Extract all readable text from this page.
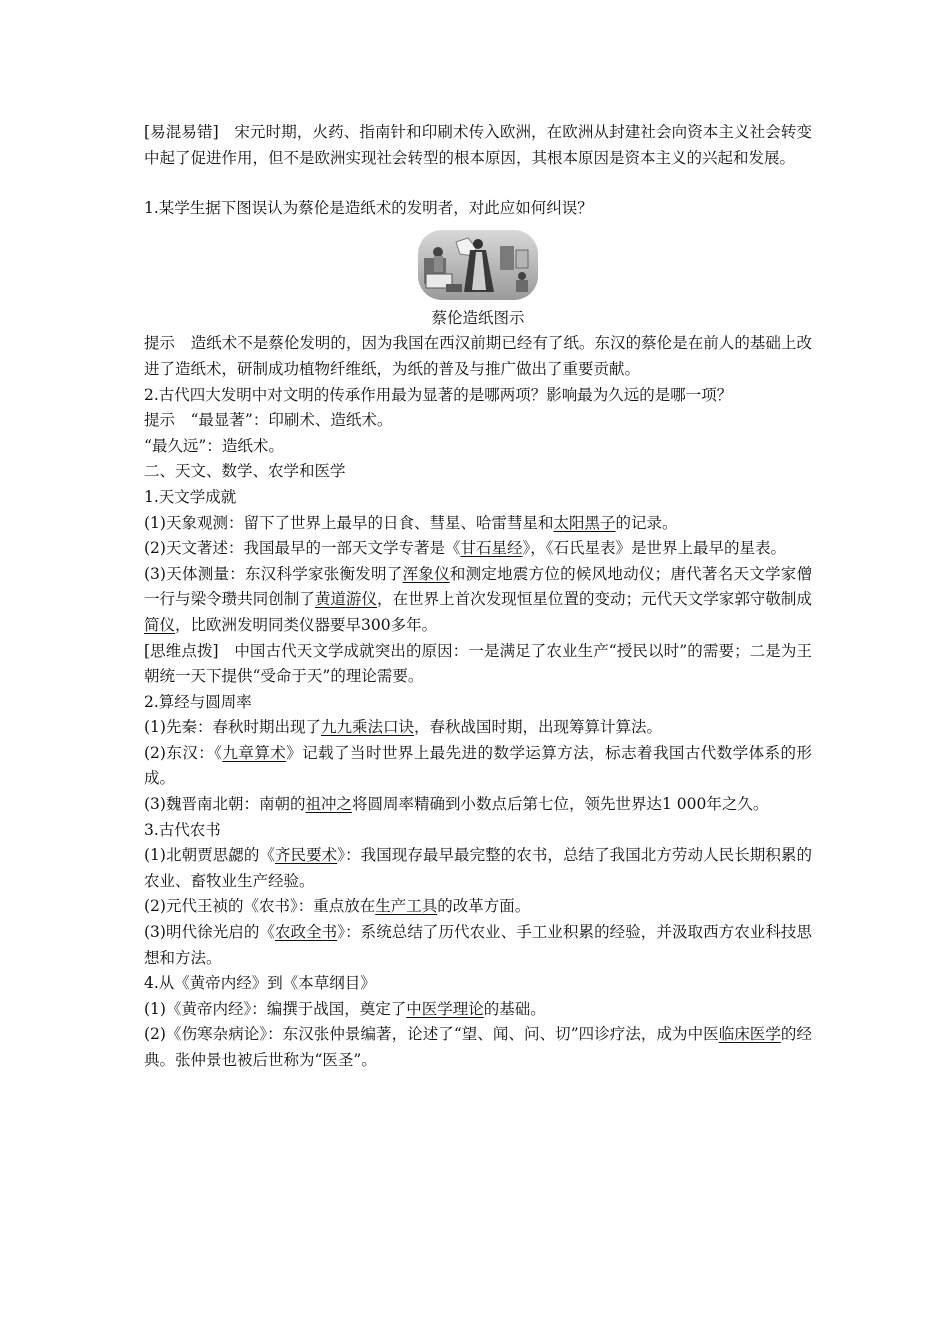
[易混易错]　宋元时期，火药、指南针和印刷术传入欧洲，在欧洲从封建社会向资本主义社会转变中起了促进作用，但不是欧洲实现社会转型的根本原因，其根本原因是资本主义的兴起和发展。

1.某学生据下图误认为蔡伦是造纸术的发明者，对此应如何纠误？

蔡伦造纸图示

提示　造纸术不是蔡伦发明的，因为我国在西汉前期已经有了纸。东汉的蔡伦是在前人的基础上改进了造纸术，研制成功植物纤维纸，为纸的普及与推广做出了重要贡献。

2.古代四大发明中对文明的传承作用最为显著的是哪两项？影响最为久远的是哪一项？

提示　“最显著”：印刷术、造纸术。

“最久远”：造纸术。

二、天文、数学、农学和医学

1.天文学成就

(1)天象观测：留下了世界上最早的日食、彗星、哈雷彗星和太阳黑子的记录。

(2)天文著述：我国最早的一部天文学专著是《甘石星经》，《石氏星表》是世界上最早的星表。

(3)天体测量：东汉科学家张衡发明了浑象仪和测定地震方位的候风地动仪；唐代著名天文学家僧一行与梁令瓒共同创制了黄道游仪，在世界上首次发现恒星位置的变动；元代天文学家郭守敬制成简仪，比欧洲发明同类仪器要早300多年。

[思维点拨]　中国古代天文学成就突出的原因：一是满足了农业生产“授民以时”的需要；二是为王朝统一天下提供“受命于天”的理论需要。

2.算经与圆周率

(1)先秦：春秋时期出现了九九乘法口诀，春秋战国时期，出现筹算计算法。

(2)东汉：《九章算术》记载了当时世界上最先进的数学运算方法，标志着我国古代数学体系的形成。

(3)魏晋南北朝：南朝的祖冲之将圆周率精确到小数点后第七位，领先世界达1 000年之久。

3.古代农书

(1)北朝贾思勰的《齐民要术》：我国现存最早最完整的农书，总结了我国北方劳动人民长期积累的农业、畜牧业生产经验。

(2)元代王祯的《农书》：重点放在生产工具的改革方面。

(3)明代徐光启的《农政全书》：系统总结了历代农业、手工业积累的经验，并汲取西方农业科技思想和方法。

4.从《黄帝内经》到《本草纲目》

(1)《黄帝内经》：编撰于战国，奠定了中医学理论的基础。

(2)《伤寒杂病论》：东汉张仲景编著，论述了“望、闻、问、切”四诊疗法，成为中医临床医学的经典。张仲景也被后世称为“医圣”。
